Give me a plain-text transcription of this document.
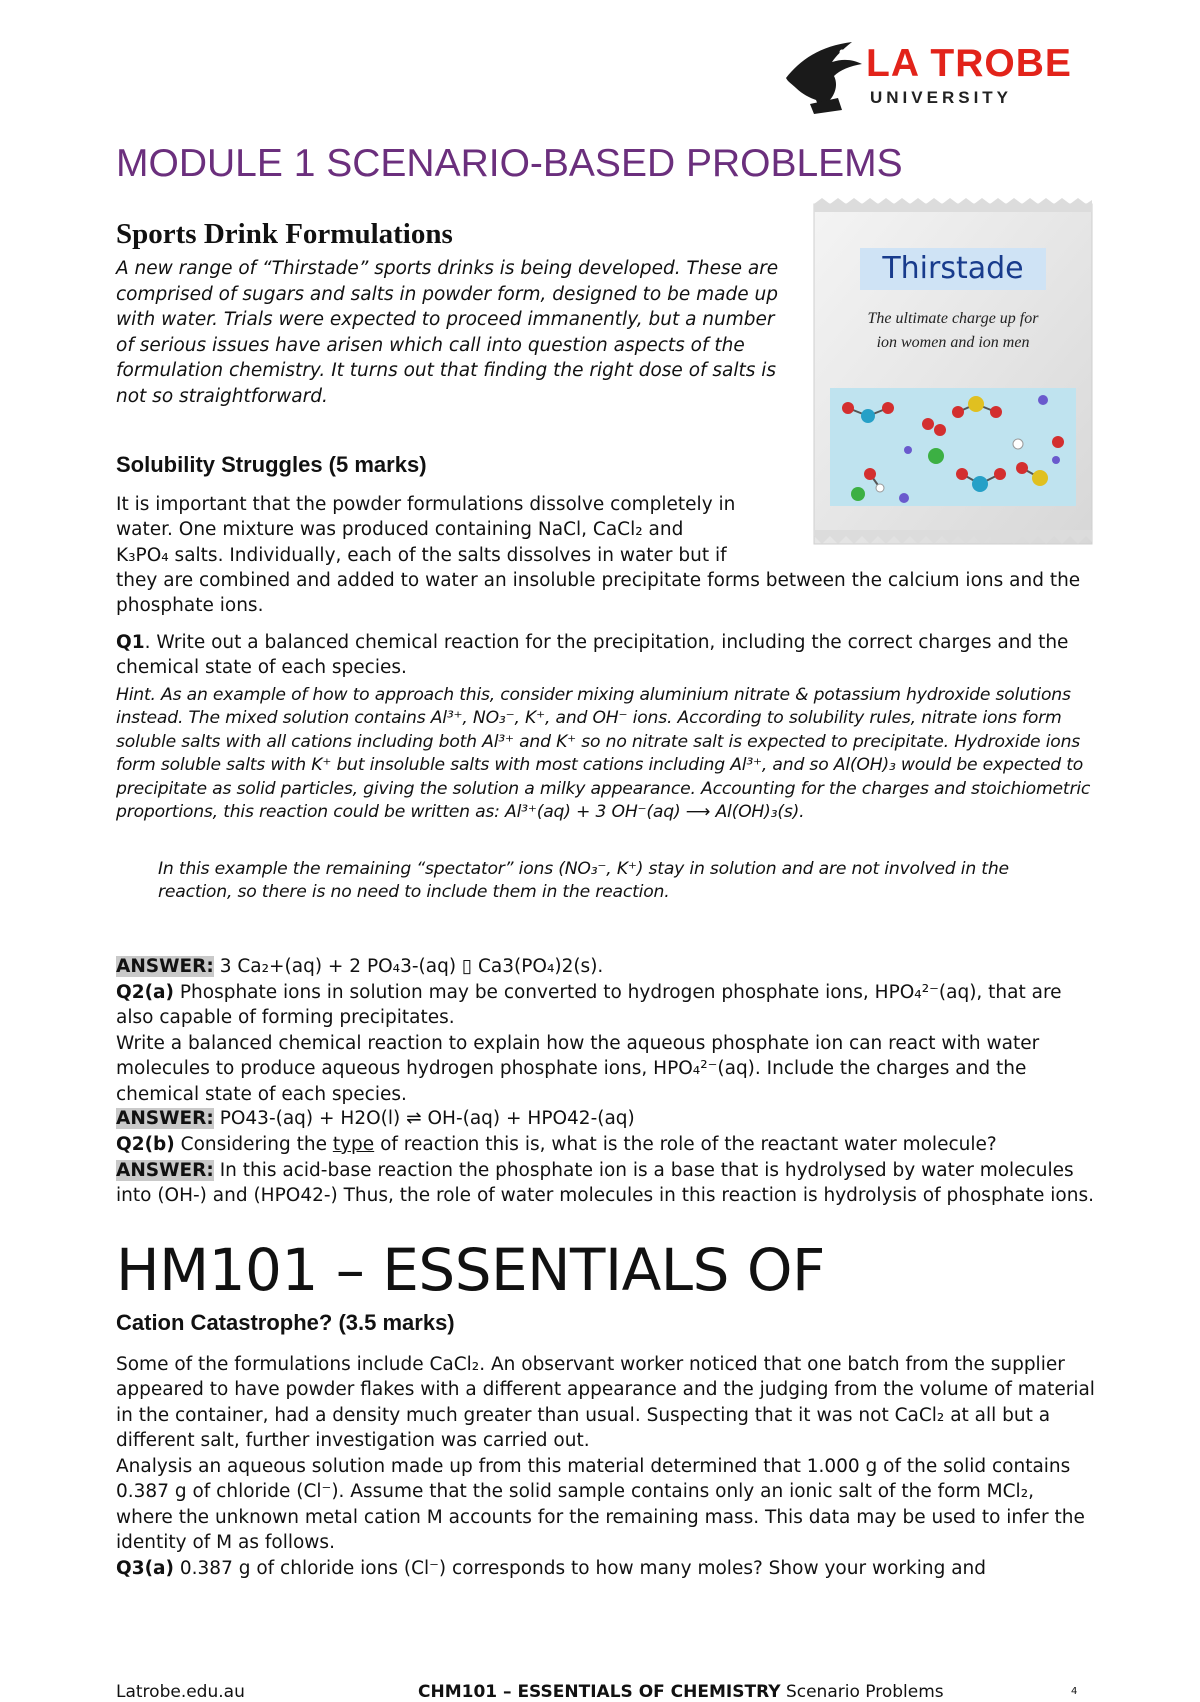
LA TROBE
UNIVERSITY
MODULE 1 SCENARIO-BASED PROBLEMS
Sports Drink Formulations
A new range of “Thirstade” sports drinks is being developed. These are comprised of sugars and salts in powder form, designed to be made up with water. Trials were expected to proceed immanently, but a number of serious issues have arisen which call into question aspects of the formulation chemistry. It turns out that finding the right dose of salts is not so straightforward.
Thirstade
The ultimate charge up for
ion women and ion men
Solubility Struggles (5 marks)
It is important that the powder formulations dissolve completely in
water. One mixture was produced containing NaCl, CaCl₂ and
K₃PO₄ salts. Individually, each of the salts dissolves in water but if
they are combined and added to water an insoluble precipitate forms between the calcium ions and the phosphate ions.
Q1. Write out a balanced chemical reaction for the precipitation, including the correct charges and the chemical state of each species.
Hint. As an example of how to approach this, consider mixing aluminium nitrate & potassium hydroxide solutions instead. The mixed solution contains Al³⁺, NO₃⁻, K⁺, and OH⁻ ions. According to solubility rules, nitrate ions form soluble salts with all cations including both Al³⁺ and K⁺ so no nitrate salt is expected to precipitate. Hydroxide ions form soluble salts with K⁺ but insoluble salts with most cations including Al³⁺, and so Al(OH)₃ would be expected to precipitate as solid particles, giving the solution a milky appearance. Accounting for the charges and stoichiometric proportions, this reaction could be written as: Al³⁺(aq) + 3 OH⁻(aq) ⟶ Al(OH)₃(s).
In this example the remaining “spectator” ions (NO₃⁻, K⁺) stay in solution and are not involved in the reaction, so there is no need to include them in the reaction.
ANSWER: 3 Ca₂+(aq) + 2 PO₄3-(aq) ▯ Ca3(PO₄)2(s).
Q2(a) Phosphate ions in solution may be converted to hydrogen phosphate ions, HPO₄²⁻(aq), that are also capable of forming precipitates.
Write a balanced chemical reaction to explain how the aqueous phosphate ion can react with water molecules to produce aqueous hydrogen phosphate ions, HPO₄²⁻(aq). Include the charges and the chemical state of each species.
ANSWER: PO43-(aq) + H2O(l) ⇌ OH-(aq) + HPO42-(aq)
Q2(b) Considering the type of reaction this is, what is the role of the reactant water molecule?
ANSWER: In this acid-base reaction the phosphate ion is a base that is hydrolysed by water molecules into (OH-) and (HPO42-) Thus, the role of water molecules in this reaction is hydrolysis of phosphate ions.
HM101 – ESSENTIALS OF
Cation Catastrophe? (3.5 marks)
Some of the formulations include CaCl₂. An observant worker noticed that one batch from the supplier appeared to have powder flakes with a different appearance and the judging from the volume of material in the container, had a density much greater than usual. Suspecting that it was not CaCl₂ at all but a different salt, further investigation was carried out.
Analysis an aqueous solution made up from this material determined that 1.000 g of the solid contains 0.387 g of chloride (Cl⁻). Assume that the solid sample contains only an ionic salt of the form MCl₂, where the unknown metal cation M accounts for the remaining mass. This data may be used to infer the identity of M as follows.
Q3(a) 0.387 g of chloride ions (Cl⁻) corresponds to how many moles? Show your working and
Latrobe.edu.au	CHM101 – ESSENTIALS OF CHEMISTRY Scenario Problems	4
